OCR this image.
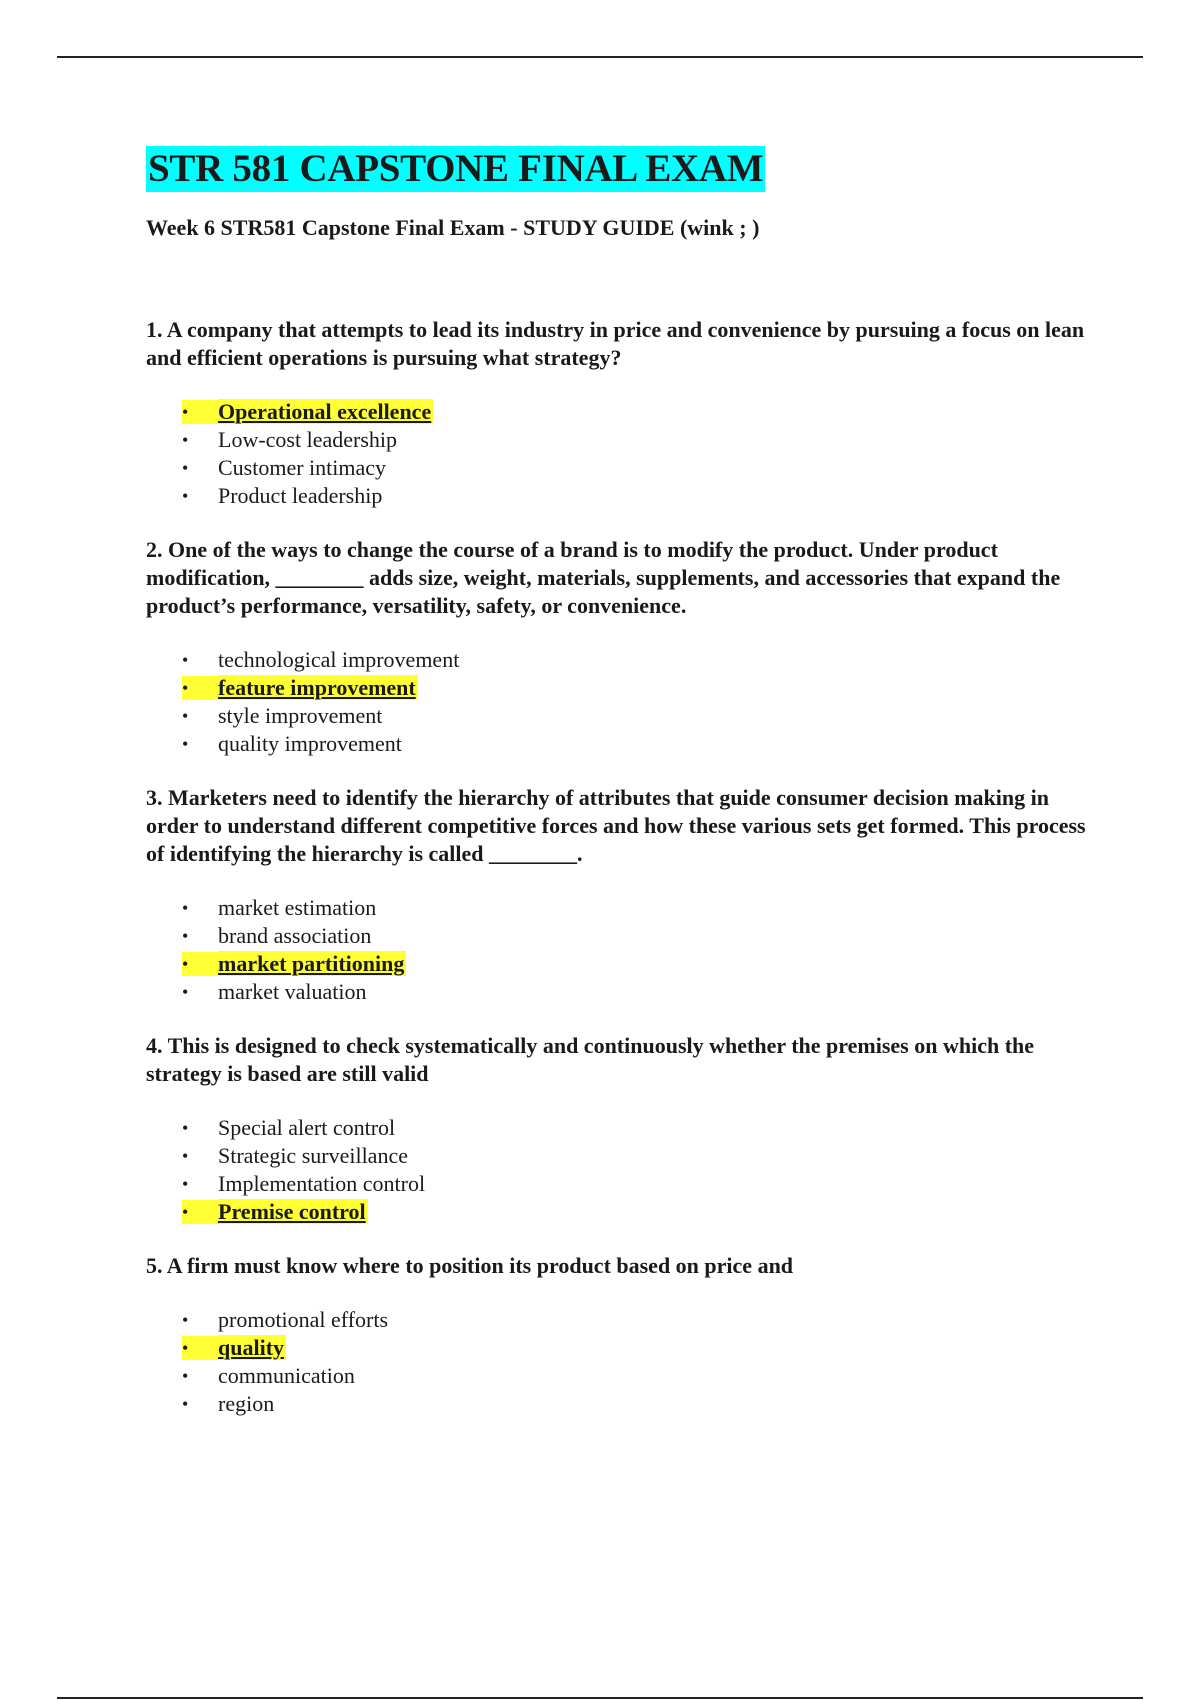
STR 581 CAPSTONE FINAL EXAM

Week 6 STR581 Capstone Final Exam - STUDY GUIDE (wink ; )

1. A company that attempts to lead its industry in price and convenience by pursuing a focus on lean and efficient operations is pursuing what strategy?

• Operational excellence
• Low-cost leadership
• Customer intimacy
• Product leadership

2. One of the ways to change the course of a brand is to modify the product. Under product modification, ________ adds size, weight, materials, supplements, and accessories that expand the product’s performance, versatility, safety, or convenience.

• technological improvement
• feature improvement
• style improvement
• quality improvement

3. Marketers need to identify the hierarchy of attributes that guide consumer decision making in order to understand different competitive forces and how these various sets get formed. This process of identifying the hierarchy is called ________.

• market estimation
• brand association
• market partitioning
• market valuation

4. This is designed to check systematically and continuously whether the premises on which the strategy is based are still valid

• Special alert control
• Strategic surveillance
• Implementation control
• Premise control

5. A firm must know where to position its product based on price and

• promotional efforts
• quality
• communication
• region
